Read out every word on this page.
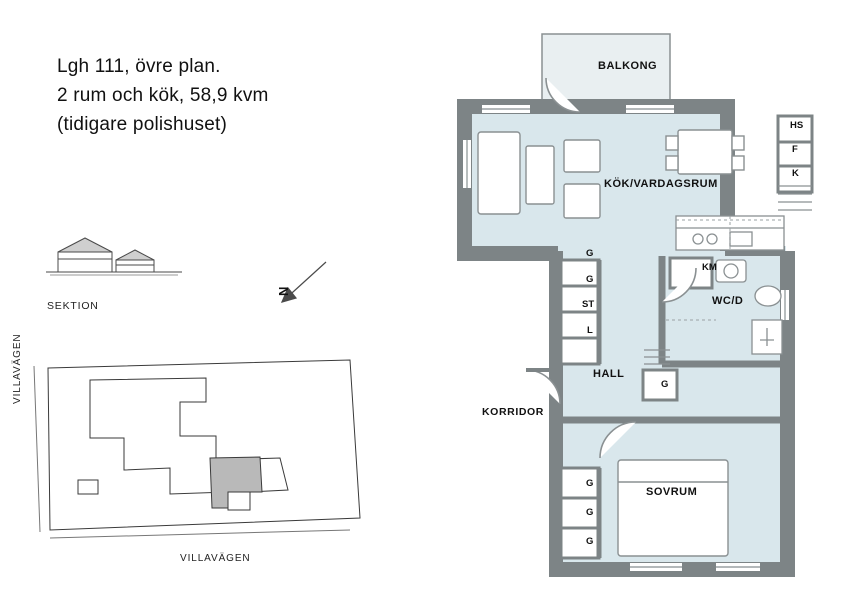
Lgh 111, övre plan.
2 rum och kök, 58,9 kvm
(tidigare polishuset)
SEKTION
N
VILLAVÄGEN
VILLAVÄGEN
BALKONG
KÖK/VARDAGSRUM
WC/D
HALL
SOVRUM
HS
F
K
KM
G
G
ST
L
G
G
G
G
KORRIDOR
